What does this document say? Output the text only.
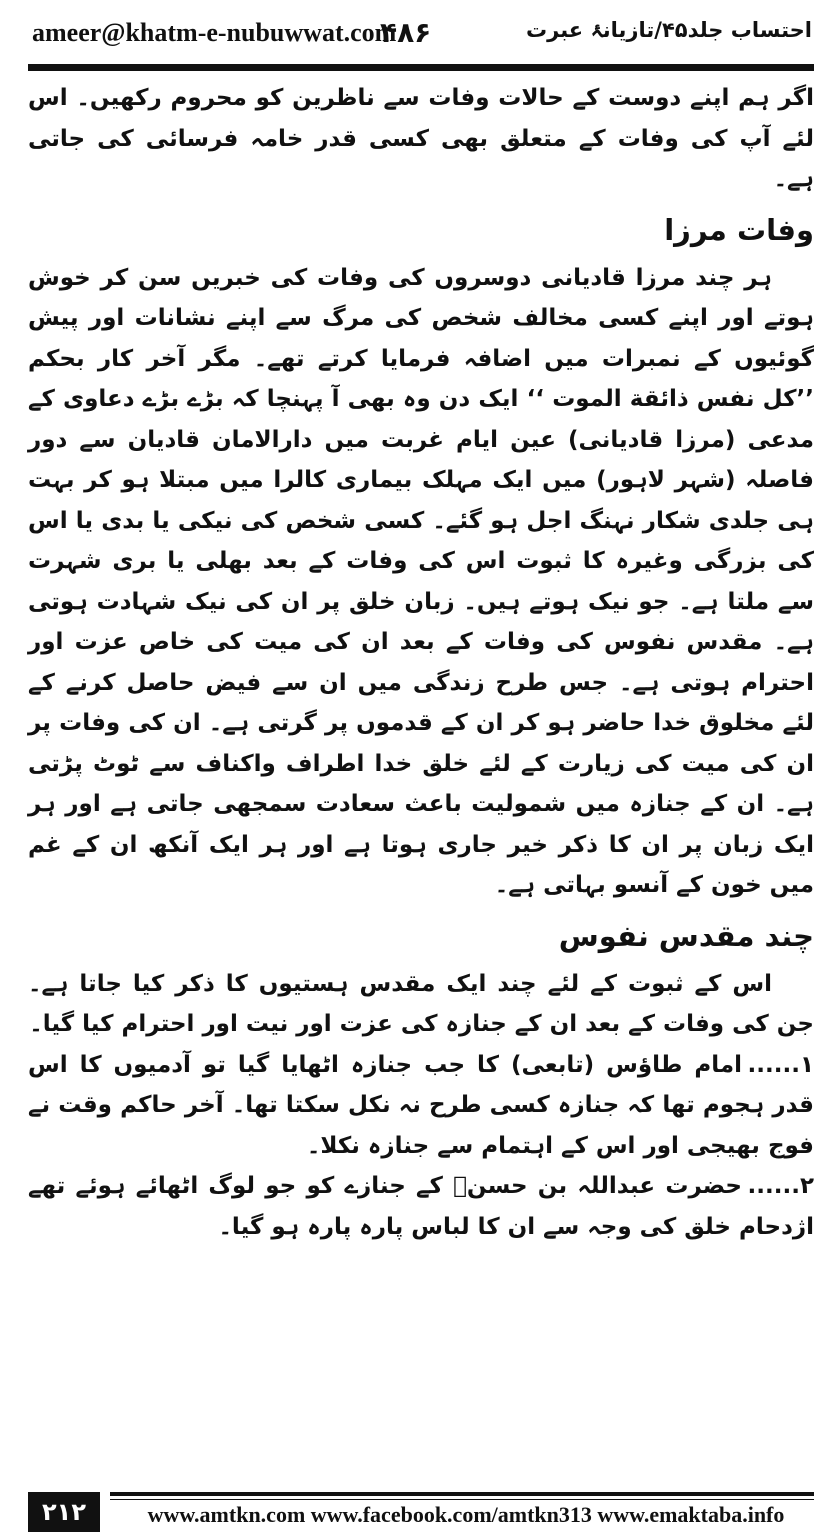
ameer@khatm-e-nubuwwat.com
۴۸۶	احتساب جلد۴۵/تازیانۂ عبرت

اگر ہم اپنے دوست کے حالات وفات سے ناظرین کو محروم رکھیں۔ اس لئے آپ کی وفات کے متعلق بھی کسی قدر خامہ فرسائی کی جاتی ہے۔

وفات مرزا

ہر چند مرزا قادیانی دوسروں کی وفات کی خبریں سن کر خوش ہوتے اور اپنے کسی مخالف شخص کی مرگ سے اپنے نشانات اور پیش گوئیوں کے نمبرات میں اضافہ فرمایا کرتے تھے۔ مگر آخر کار بحکم ’’کل نفس ذائقة الموت ‘‘ ایک دن وہ بھی آ پہنچا کہ بڑے بڑے دعاوی کے مدعی (مرزا قادیانی) عین ایام غربت میں دارالامان قادیان سے دور فاصلہ (شہر لاہور) میں ایک مہلک بیماری کالرا میں مبتلا ہو کر بہت ہی جلدی شکار نہنگ اجل ہو گئے۔ کسی شخص کی نیکی یا بدی یا اس کی بزرگی وغیرہ کا ثبوت اس کی وفات کے بعد بھلی یا بری شہرت سے ملتا ہے۔ جو نیک ہوتے ہیں۔ زبان خلق پر ان کی نیک شہادت ہوتی ہے۔ مقدس نفوس کی وفات کے بعد ان کی میت کی خاص عزت اور احترام ہوتی ہے۔ جس طرح زندگی میں ان سے فیض حاصل کرنے کے لئے مخلوق خدا حاضر ہو کر ان کے قدموں پر گرتی ہے۔ ان کی وفات پر ان کی میت کی زیارت کے لئے خلق خدا اطراف واکناف سے ٹوٹ پڑتی ہے۔ ان کے جنازہ میں شمولیت باعث سعادت سمجھی جاتی ہے اور ہر ایک زبان پر ان کا ذکر خیر جاری ہوتا ہے اور ہر ایک آنکھ ان کے غم میں خون کے آنسو بہاتی ہے۔

چند مقدس نفوس

اس کے ثبوت کے لئے چند ایک مقدس ہستیوں کا ذکر کیا جاتا ہے۔ جن کی وفات کے بعد ان کے جنازہ کی عزت اور نیت اور احترام کیا گیا۔

۱......امام طاؤس (تابعی) کا جب جنازہ اٹھایا گیا تو آدمیوں کا اس قدر ہجوم تھا کہ جنازہ کسی طرح نہ نکل سکتا تھا۔ آخر حاکم وقت نے فوج بھیجی اور اس کے اہتمام سے جنازہ نکلا۔

۲......حضرت عبداللہ بن حسنؓ کے جنازے کو جو لوگ اٹھائے ہوئے تھے اژدحام خلق کی وجہ سے ان کا لباس پارہ پارہ ہو گیا۔

۲۱۲	www.amtkn.com www.facebook.com/amtkn313 www.emaktaba.info
